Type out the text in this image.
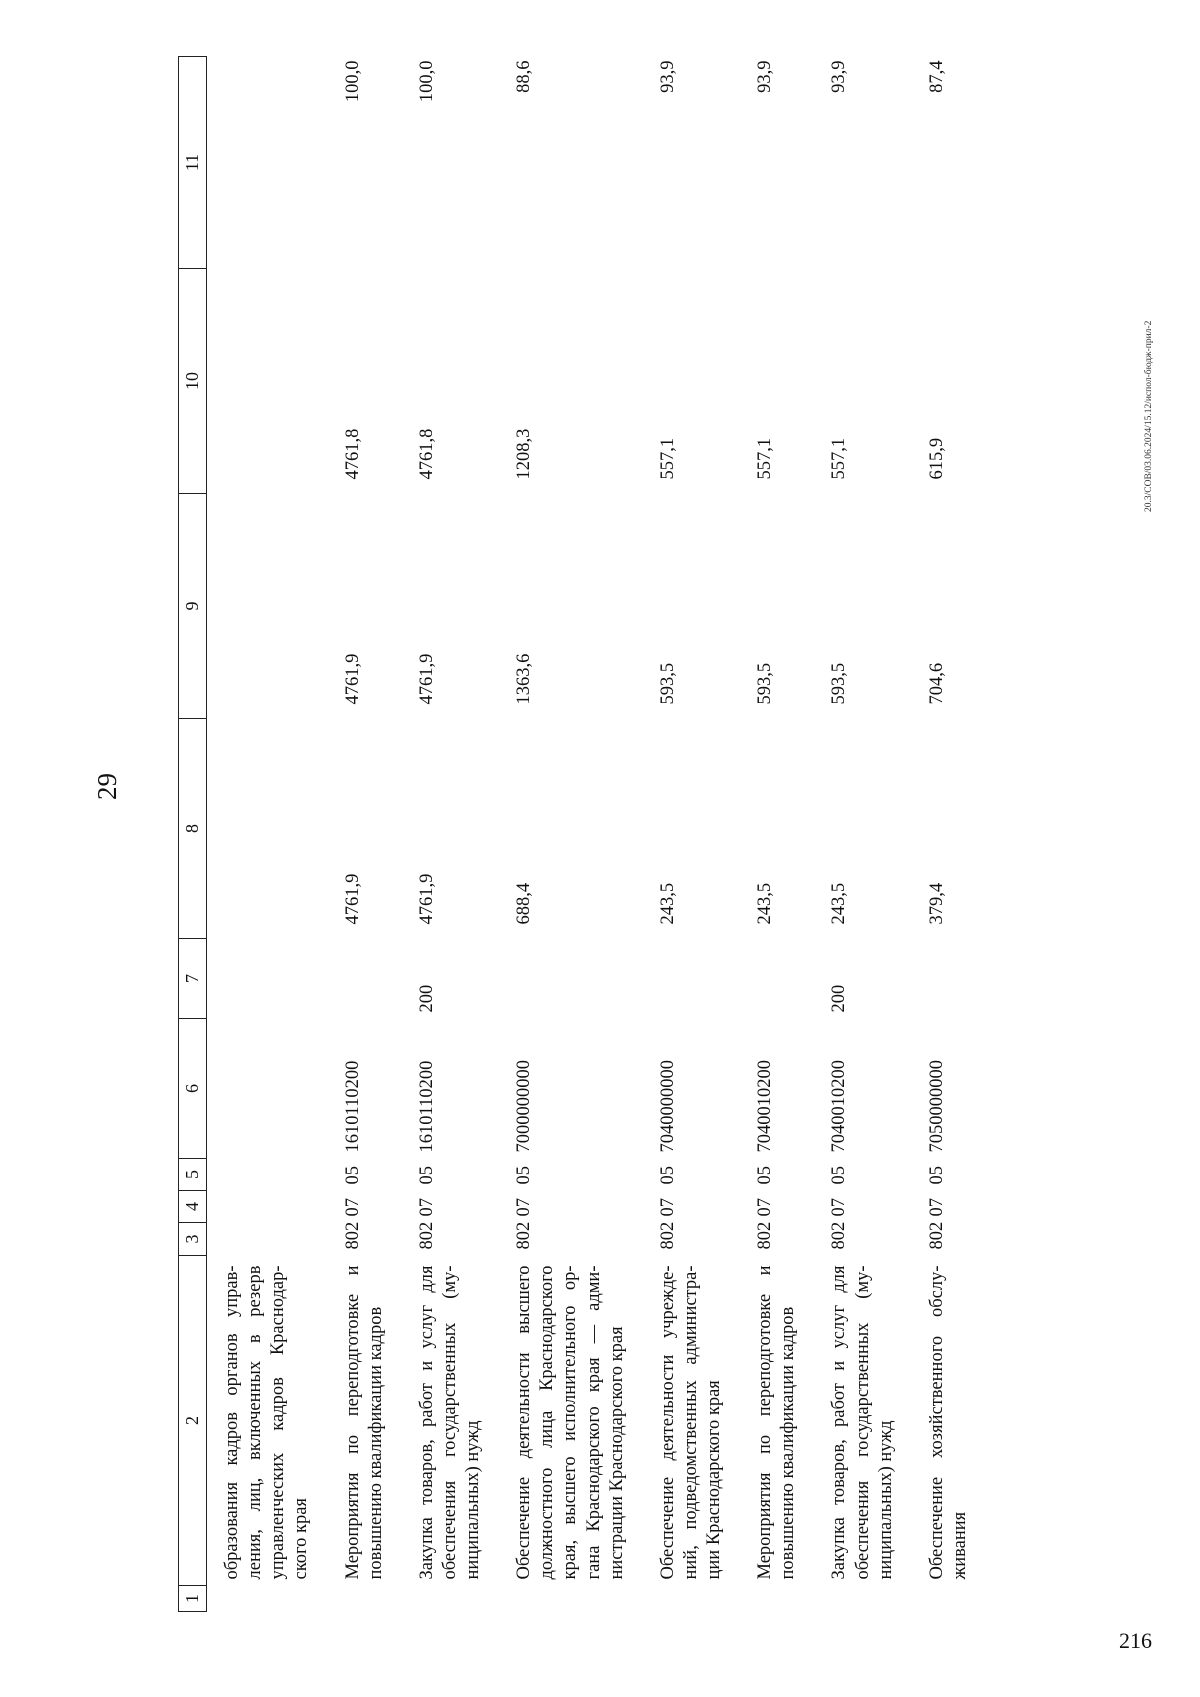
29
20.3/СОВ/03.06.2024/15.12/испол-бюдж-прил-2
216
1	2	3	4	5	6	7	8	9	10	11
	образования кадров органов управ-ления, лиц, включенных в резерв управленческих кадров Краснодар-ского края									
	Мероприятия по переподготовке и повышению квалификации кадров	802	07	05	1610110200		4761,9	4761,9	4761,8	100,0
	Закупка товаров, работ и услуг для обеспечения государственных (му-ниципальных) нужд	802	07	05	1610110200	200	4761,9	4761,9	4761,8	100,0
	Обеспечение деятельности высшего должностного лица Краснодарского края, высшего исполнительного ор-гана Краснодарского края — адми-нистрации Краснодарского края	802	07	05	7000000000		688,4	1363,6	1208,3	88,6
	Обеспечение деятельности учрежде-ний, подведомственных администра-ции Краснодарского края	802	07	05	7040000000		243,5	593,5	557,1	93,9
	Мероприятия по переподготовке и повышению квалификации кадров	802	07	05	7040010200		243,5	593,5	557,1	93,9
	Закупка товаров, работ и услуг для обеспечения государственных (му-ниципальных) нужд	802	07	05	7040010200	200	243,5	593,5	557,1	93,9
	Обеспечение хозяйственного обслу-живания	802	07	05	7050000000		379,4	704,6	615,9	87,4
